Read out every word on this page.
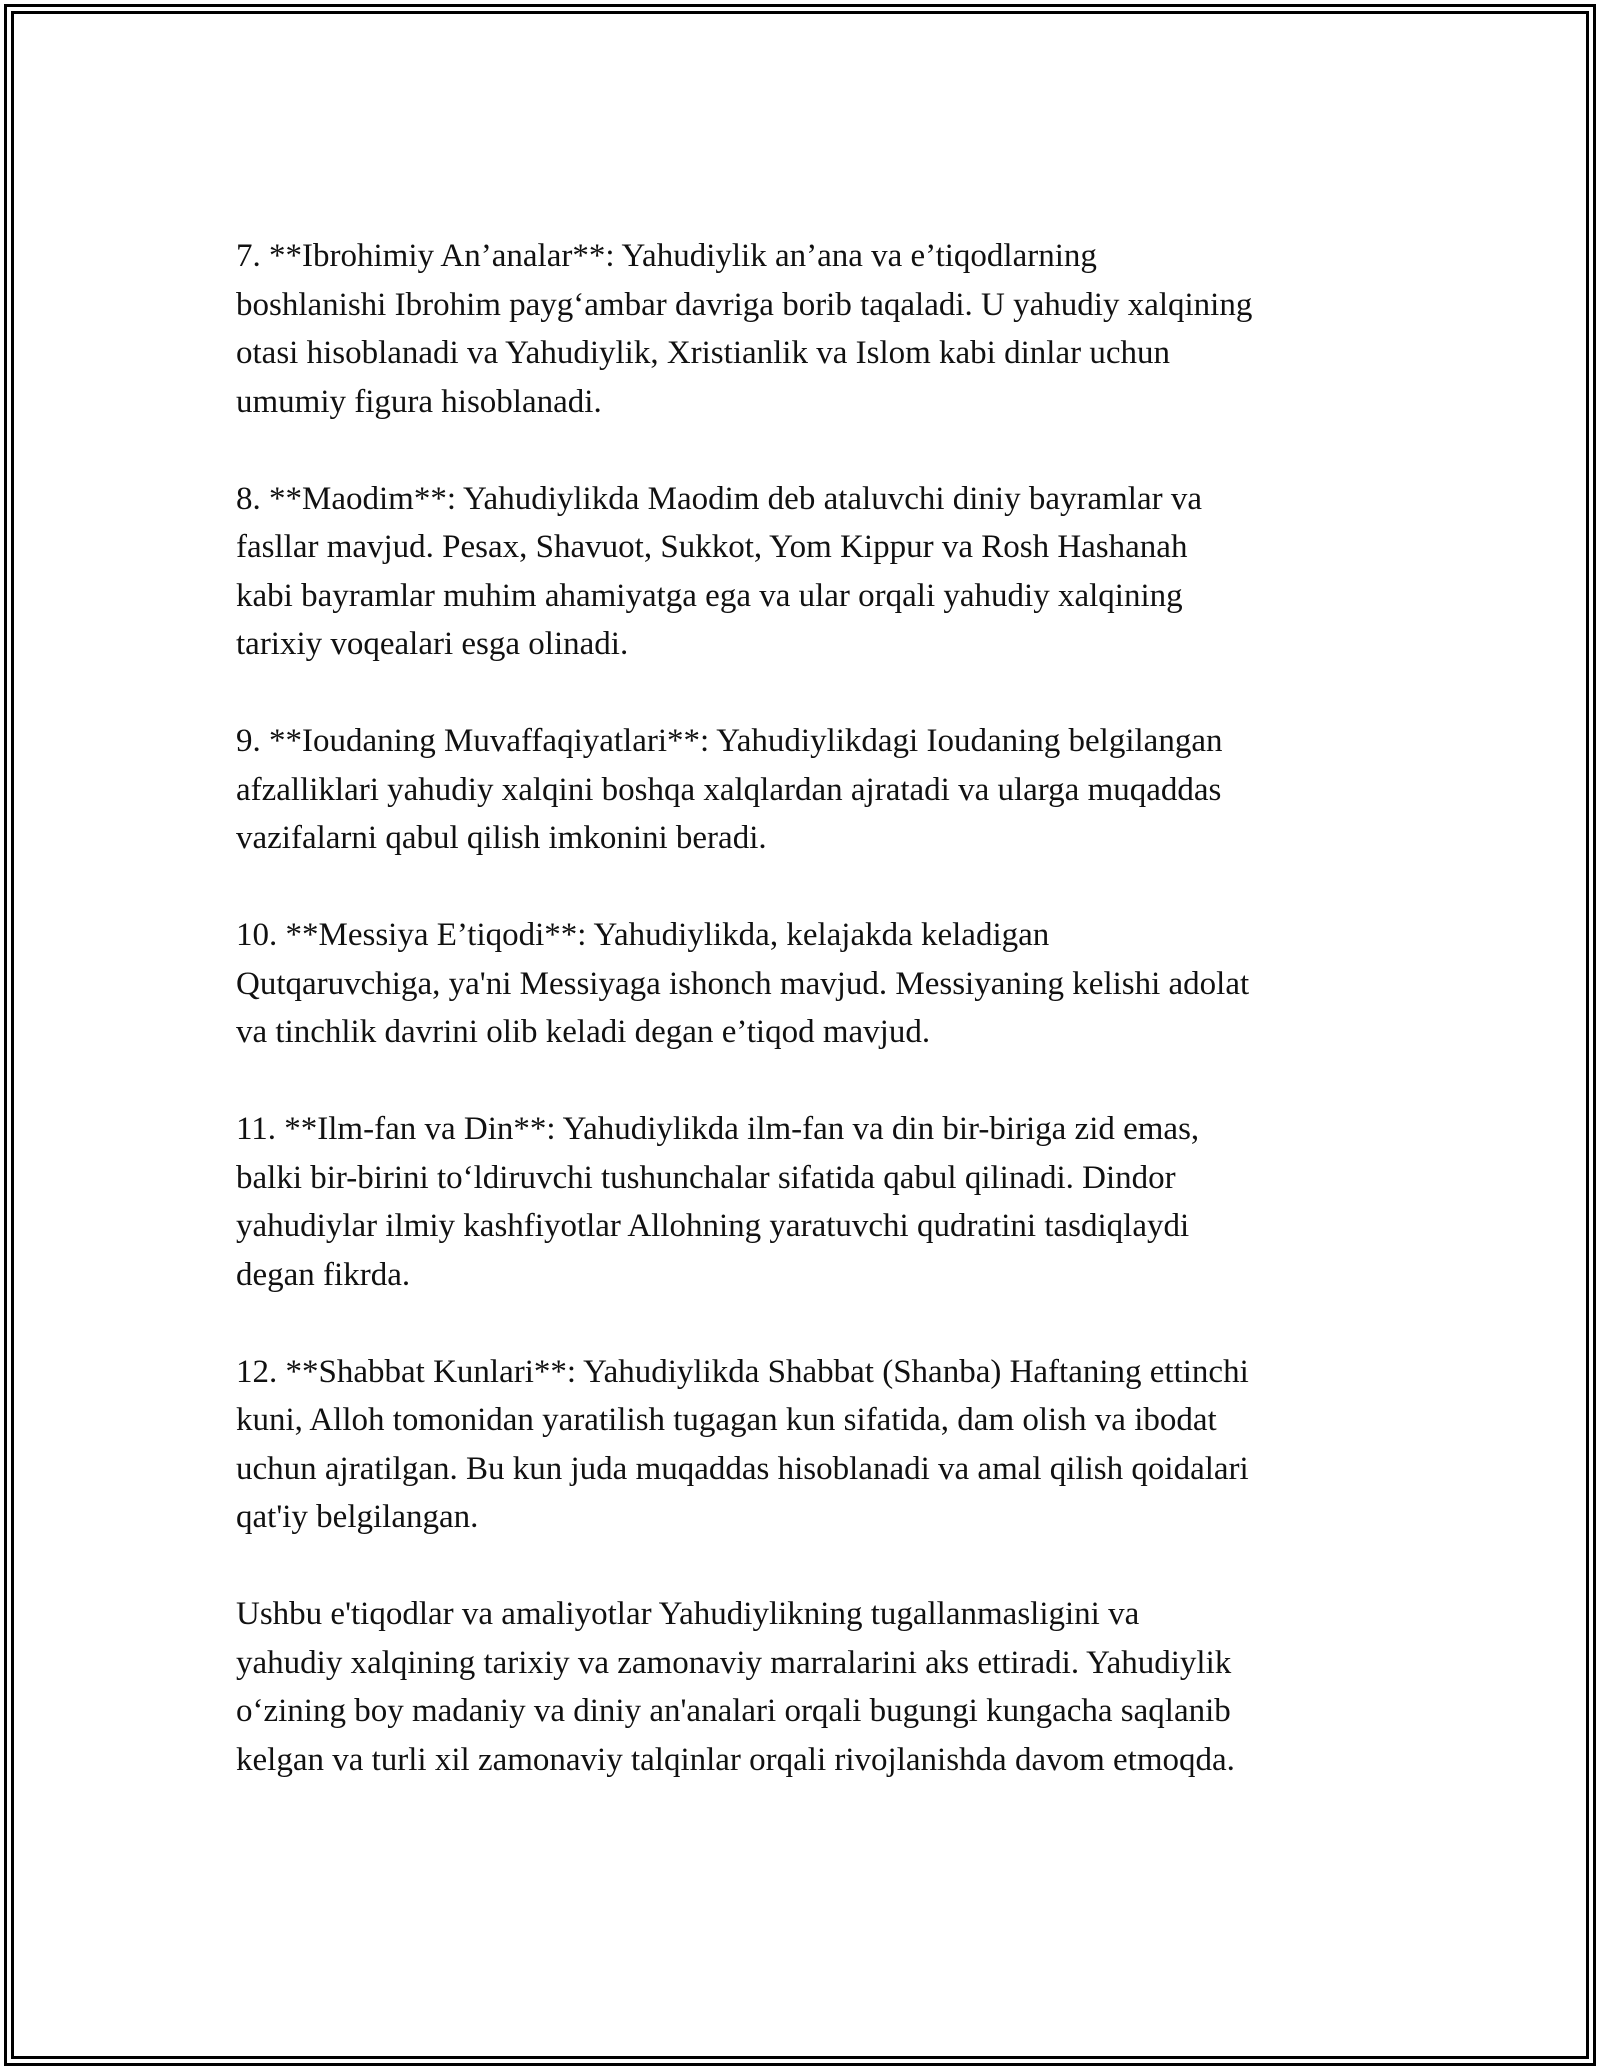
7. **Ibrohimiy An’analar**: Yahudiylik an’ana va e’tiqodlarning
boshlanishi Ibrohim payg‘ambar davriga borib taqaladi. U yahudiy xalqining
otasi hisoblanadi va Yahudiylik, Xristianlik va Islom kabi dinlar uchun
umumiy figura hisoblanadi.

8. **Maodim**: Yahudiylikda Maodim deb ataluvchi diniy bayramlar va
fasllar mavjud. Pesax, Shavuot, Sukkot, Yom Kippur va Rosh Hashanah
kabi bayramlar muhim ahamiyatga ega va ular orqali yahudiy xalqining
tarixiy voqealari esga olinadi.

9. **Ioudaning Muvaffaqiyatlari**: Yahudiylikdagi Ioudaning belgilangan
afzalliklari yahudiy xalqini boshqa xalqlardan ajratadi va ularga muqaddas
vazifalarni qabul qilish imkonini beradi.

10. **Messiya E’tiqodi**: Yahudiylikda, kelajakda keladigan
Qutqaruvchiga, ya'ni Messiyaga ishonch mavjud. Messiyaning kelishi adolat
va tinchlik davrini olib keladi degan e’tiqod mavjud.

11. **Ilm-fan va Din**: Yahudiylikda ilm-fan va din bir-biriga zid emas,
balki bir-birini to‘ldiruvchi tushunchalar sifatida qabul qilinadi. Dindor
yahudiylar ilmiy kashfiyotlar Allohning yaratuvchi qudratini tasdiqlaydi
degan fikrda.

12. **Shabbat Kunlari**: Yahudiylikda Shabbat (Shanba) Haftaning ettinchi
kuni, Alloh tomonidan yaratilish tugagan kun sifatida, dam olish va ibodat
uchun ajratilgan. Bu kun juda muqaddas hisoblanadi va amal qilish qoidalari
qat'iy belgilangan.

Ushbu e'tiqodlar va amaliyotlar Yahudiylikning tugallanmasligini va
yahudiy xalqining tarixiy va zamonaviy marralarini aks ettiradi. Yahudiylik
o‘zining boy madaniy va diniy an'analari orqali bugungi kungacha saqlanib
kelgan va turli xil zamonaviy talqinlar orqali rivojlanishda davom etmoqda.
